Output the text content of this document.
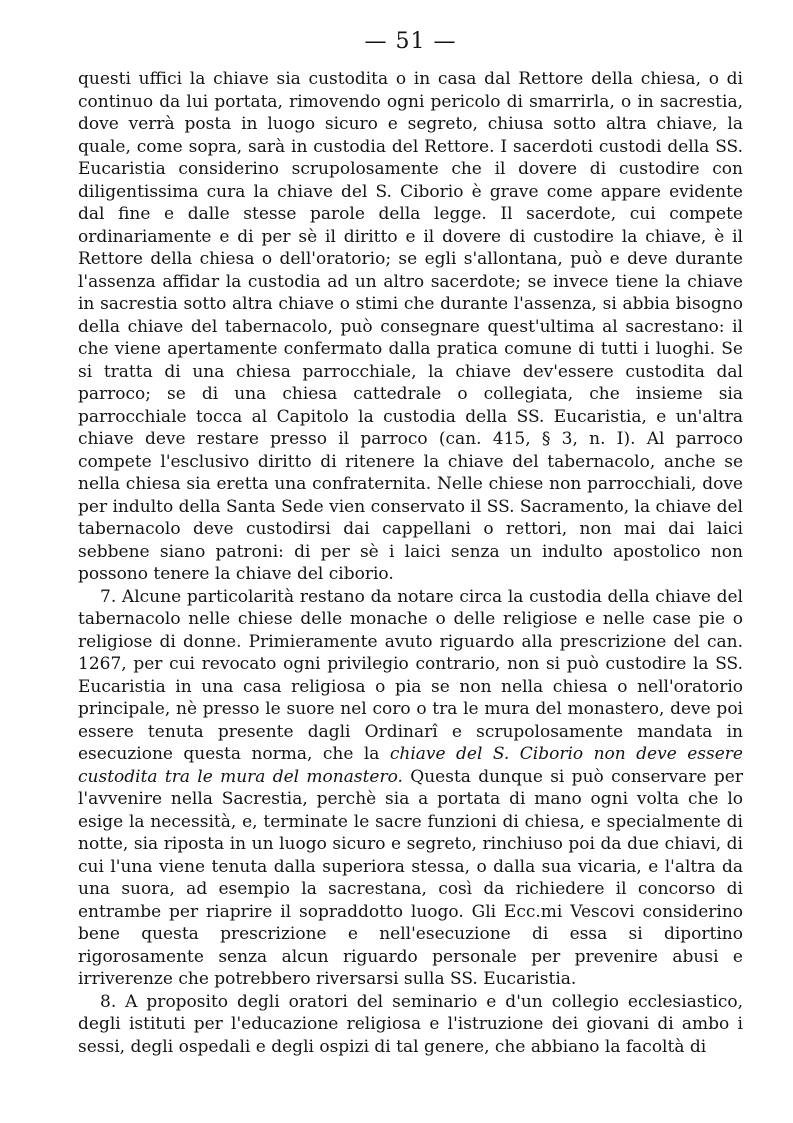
— 51 —

questi uffici la chiave sia custodita o in casa dal Rettore della chiesa, o di continuo da lui portata, rimovendo ogni pericolo di smarrirla, o in sacrestia, dove verrà posta in luogo sicuro e segreto, chiusa sotto altra chiave, la quale, come sopra, sarà in custodia del Rettore. I sacerdoti custodi della SS. Eucaristia considerino scrupolosamente che il dovere di custodire con diligentissima cura la chiave del S. Ciborio è grave come appare evidente dal fine e dalle stesse parole della legge. Il sacerdote, cui compete ordinariamente e di per sè il diritto e il dovere di custodire la chiave, è il Rettore della chiesa o dell'oratorio; se egli s'allontana, può e deve durante l'assenza affidar la custodia ad un altro sacerdote; se invece tiene la chiave in sacrestia sotto altra chiave o stimi che durante l'assenza, si abbia bisogno della chiave del tabernacolo, può consegnare quest'ultima al sacrestano: il che viene apertamente confermato dalla pratica comune di tutti i luoghi. Se si tratta di una chiesa parrocchiale, la chiave dev'essere custodita dal parroco; se di una chiesa cattedrale o collegiata, che insieme sia parrocchiale tocca al Capitolo la custodia della SS. Eucaristia, e un'altra chiave deve restare presso il parroco (can. 415, § 3, n. I). Al parroco compete l'esclusivo diritto di ritenere la chiave del tabernacolo, anche se nella chiesa sia eretta una confraternita. Nelle chiese non parrocchiali, dove per indulto della Santa Sede vien conservato il SS. Sacramento, la chiave del tabernacolo deve custodirsi dai cappellani o rettori, non mai dai laici sebbene siano patroni: di per sè i laici senza un indulto apostolico non possono tenere la chiave del ciborio.

7. Alcune particolarità restano da notare circa la custodia della chiave del tabernacolo nelle chiese delle monache o delle religiose e nelle case pie o religiose di donne. Primieramente avuto riguardo alla prescrizione del can. 1267, per cui revocato ogni privilegio contrario, non si può custodire la SS. Eucaristia in una casa religiosa o pia se non nella chiesa o nell'oratorio principale, nè presso le suore nel coro o tra le mura del monastero, deve poi essere tenuta presente dagli Ordinarî e scrupolosamente mandata in esecuzione questa norma, che la chiave del S. Ciborio non deve essere custodita tra le mura del monastero. Questa dunque si può conservare per l'avvenire nella Sacrestia, perchè sia a portata di mano ogni volta che lo esige la necessità, e, terminate le sacre funzioni di chiesa, e specialmente di notte, sia riposta in un luogo sicuro e segreto, rinchiuso poi da due chiavi, di cui l'una viene tenuta dalla superiora stessa, o dalla sua vicaria, e l'altra da una suora, ad esempio la sacrestana, così da richiedere il concorso di entrambe per riaprire il sopraddotto luogo. Gli Ecc.mi Vescovi considerino bene questa prescrizione e nell'esecuzione di essa si diportino rigorosamente senza alcun riguardo personale per prevenire abusi e irriverenze che potrebbero riversarsi sulla SS. Eucaristia.

8. A proposito degli oratori del seminario e d'un collegio ecclesiastico, degli istituti per l'educazione religiosa e l'istruzione dei giovani di ambo i sessi, degli ospedali e degli ospizi di tal genere, che abbiano la facoltà di
